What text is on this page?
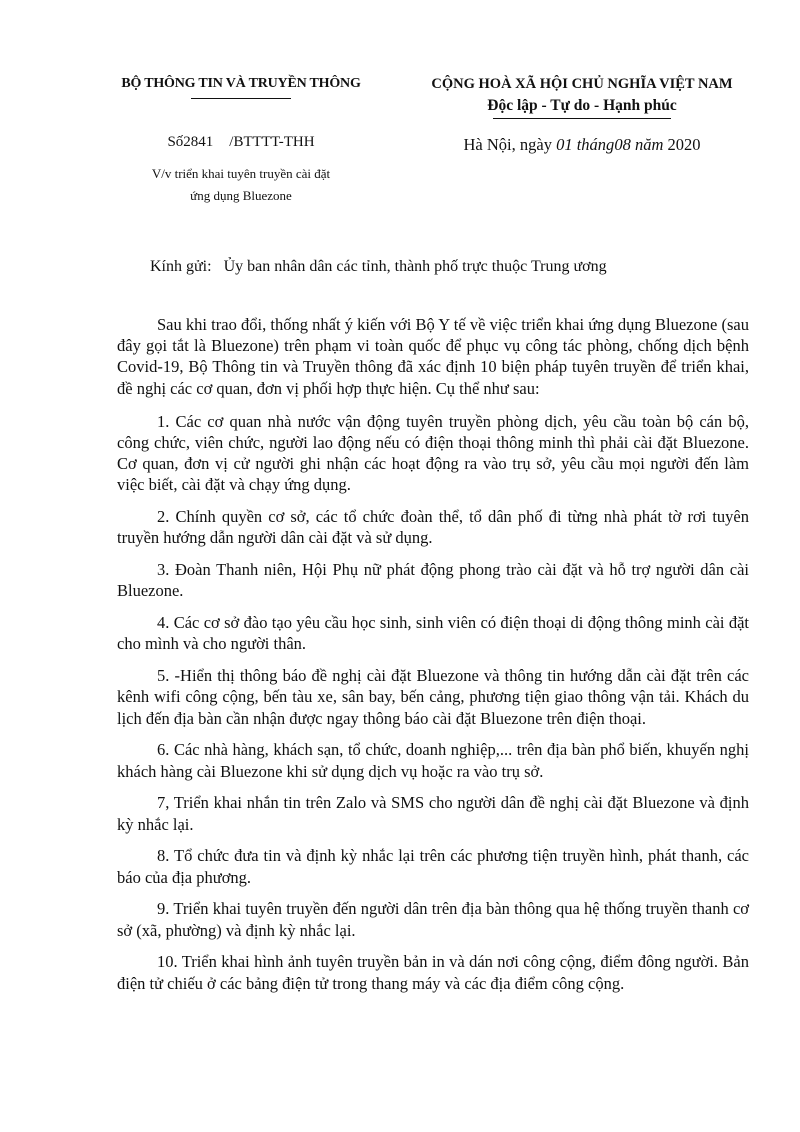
BỘ THÔNG TIN VÀ TRUYỀN THÔNG	CỘNG HOÀ XÃ HỘI CHỦ NGHĨA VIỆT NAM
Độc lập - Tự do - Hạnh phúc
Số2841 /BTTTT-THH
V/v triển khai tuyên truyền cài đặt
ứng dụng Bluezone
Hà Nội, ngày 01 tháng08 năm 2020
Kính gửi: Ủy ban nhân dân các tỉnh, thành phố trực thuộc Trung ương

Sau khi trao đổi, thống nhất ý kiến với Bộ Y tế về việc triển khai ứng dụng Bluezone (sau đây gọi tắt là Bluezone) trên phạm vi toàn quốc để phục vụ công tác phòng, chống dịch bệnh Covid-19, Bộ Thông tin và Truyền thông đã xác định 10 biện pháp tuyên truyền để triển khai, đề nghị các cơ quan, đơn vị phối hợp thực hiện. Cụ thể như sau:

1. Các cơ quan nhà nước vận động tuyên truyền phòng dịch, yêu cầu toàn bộ cán bộ, công chức, viên chức, người lao động nếu có điện thoại thông minh thì phải cài đặt Bluezone. Cơ quan, đơn vị cử người ghi nhận các hoạt động ra vào trụ sở, yêu cầu mọi người đến làm việc biết, cài đặt và chạy ứng dụng.

2. Chính quyền cơ sở, các tổ chức đoàn thể, tổ dân phố đi từng nhà phát tờ rơi tuyên truyền hướng dẫn người dân cài đặt và sử dụng.

3. Đoàn Thanh niên, Hội Phụ nữ phát động phong trào cài đặt và hỗ trợ người dân cài Bluezone.

4. Các cơ sở đào tạo yêu cầu học sinh, sinh viên có điện thoại di động thông minh cài đặt cho mình và cho người thân.

5. -Hiển thị thông báo đề nghị cài đặt Bluezone và thông tin hướng dẫn cài đặt trên các kênh wifi công cộng, bến tàu xe, sân bay, bến cảng, phương tiện giao thông vận tải. Khách du lịch đến địa bàn cần nhận được ngay thông báo cài đặt Bluezone trên điện thoại.

6. Các nhà hàng, khách sạn, tổ chức, doanh nghiệp,... trên địa bàn phổ biến, khuyến nghị khách hàng cài Bluezone khi sử dụng dịch vụ hoặc ra vào trụ sở.

7, Triển khai nhắn tin trên Zalo và SMS cho người dân đề nghị cài đặt Bluezone và định kỳ nhắc lại.

8. Tổ chức đưa tin và định kỳ nhắc lại trên các phương tiện truyền hình, phát thanh, các báo của địa phương.

9. Triển khai tuyên truyền đến người dân trên địa bàn thông qua hệ thống truyền thanh cơ sở (xã, phường) và định kỳ nhắc lại.

10. Triển khai hình ảnh tuyên truyền bản in và dán nơi công cộng, điểm đông người. Bản điện tử chiếu ở các bảng điện tử trong thang máy và các địa điểm công cộng.
